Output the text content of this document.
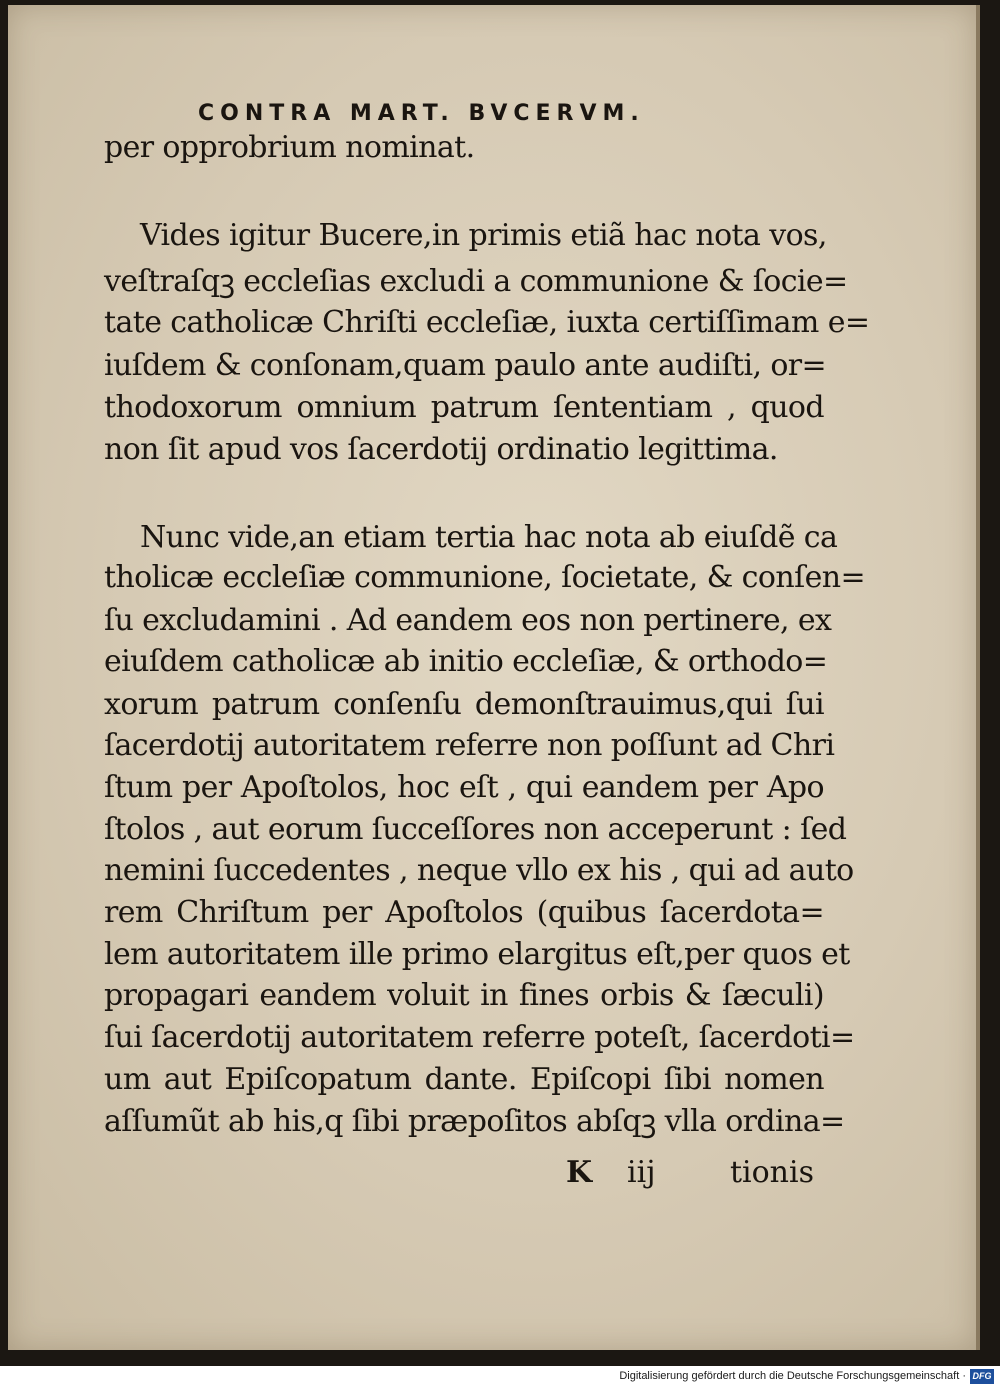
CONTRA MART. BVCERVM.
per opprobrium nominat.
Vides igitur Bucere,in primis etiã hac nota vos,
veſtraſqꝫ eccleſias excludi a communione & ſocie=
tate catholicæ Chriſti eccleſiæ, iuxta certiſſimam e=
iuſdem & conſonam,quam paulo ante audiſti, or=
thodoxorum omnium patrum ſententiam , quod
non ſit apud vos ſacerdotij ordinatio legittima.
Nunc vide,an etiam tertia hac nota ab eiuſdẽ ca
tholicæ eccleſiæ communione, ſocietate, & conſen=
ſu excludamini . Ad eandem eos non pertinere, ex
eiuſdem catholicæ ab initio eccleſiæ, & orthodo=
xorum patrum conſenſu demonſtrauimus,qui ſui
ſacerdotij autoritatem referre non poſſunt ad Chri
ſtum per Apoſtolos, hoc eſt , qui eandem per Apo
ſtolos , aut eorum ſucceſſores non acceperunt : ſed
nemini ſuccedentes , neque vllo ex his , qui ad auto
rem Chriſtum per Apoſtolos (quibus ſacerdota=
lem autoritatem ille primo elargitus eſt,per quos et
propagari eandem voluit in fines orbis & ſæculi)
ſui ſacerdotij autoritatem referre poteſt, ſacerdoti=
um aut Epiſcopatum dante. Epiſcopi ſibi nomen
aſſumũt ab his,q ſibi præpoſitos abſqꝫ vlla ordina=
K iij tionis
Digitalisierung gefördert durch die Deutsche Forschungsgemeinschaft · DFG
